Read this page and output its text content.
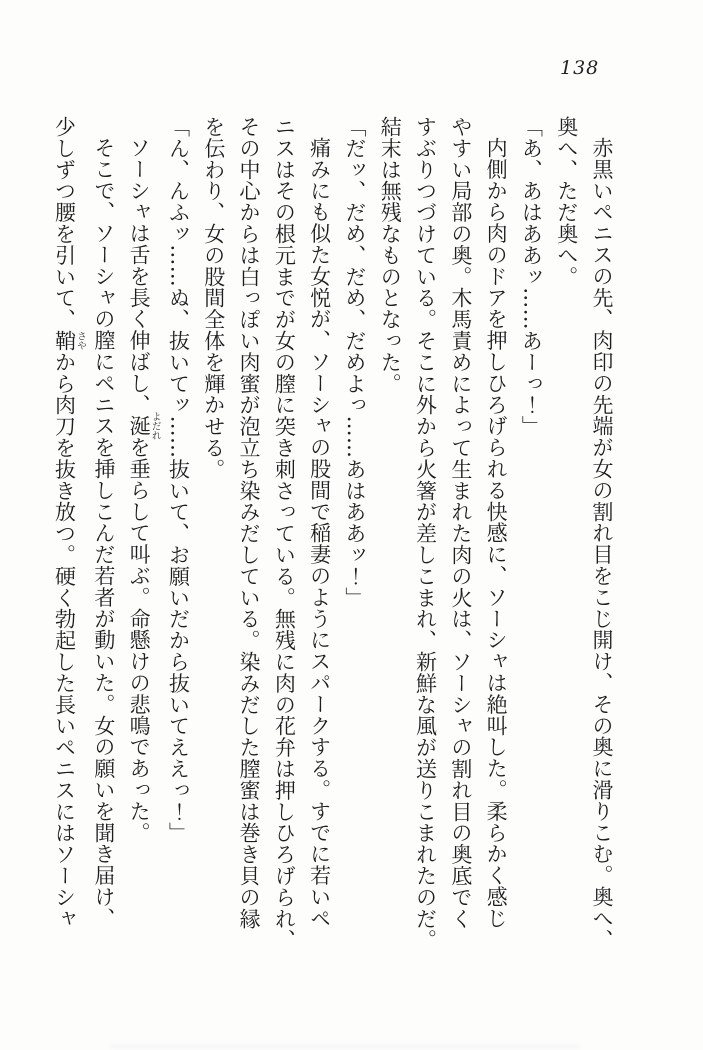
138
赤黒いペニスの先、肉印の先端が女の割れ目をこじ開け、その奥に滑りこむ。奥へ、
奥へ、ただ奥へ。
「あ、あはああッ……あーっ！」
内側から肉のドアを押しひろげられる快感に、ソーシャは絶叫した。柔らかく感じ
やすい局部の奥。木馬責めによって生まれた肉の火は、ソーシャの割れ目の奥底でく
すぶりつづけている。そこに外から火箸が差しこまれ、新鮮な風が送りこまれたのだ。
結末は無残なものとなった。
「だッ、だめ、だめ、だめよっ……あはああッ！」
痛みにも似た女悦が、ソーシャの股間で稲妻のようにスパークする。すでに若いペ
ニスはその根元までが女の膣に突き刺さっている。無残に肉の花弁は押しひろげられ、
その中心からは白っぽい肉蜜が泡立ち染みだしている。染みだした膣蜜は巻き貝の縁
を伝わり、女の股間全体を輝かせる。
「ん、んふッ……ぬ、抜いてッ……抜いて、お願いだから抜いてええっ！」
ソーシャは舌を長く伸ばし、涎よだれを垂らして叫ぶ。命懸けの悲鳴であった。
そこで、ソーシャの膣にペニスを挿しこんだ若者が動いた。女の願いを聞き届け、
少しずつ腰を引いて、鞘さやから肉刀を抜き放つ。硬く勃起した長いペニスにはソーシャ
